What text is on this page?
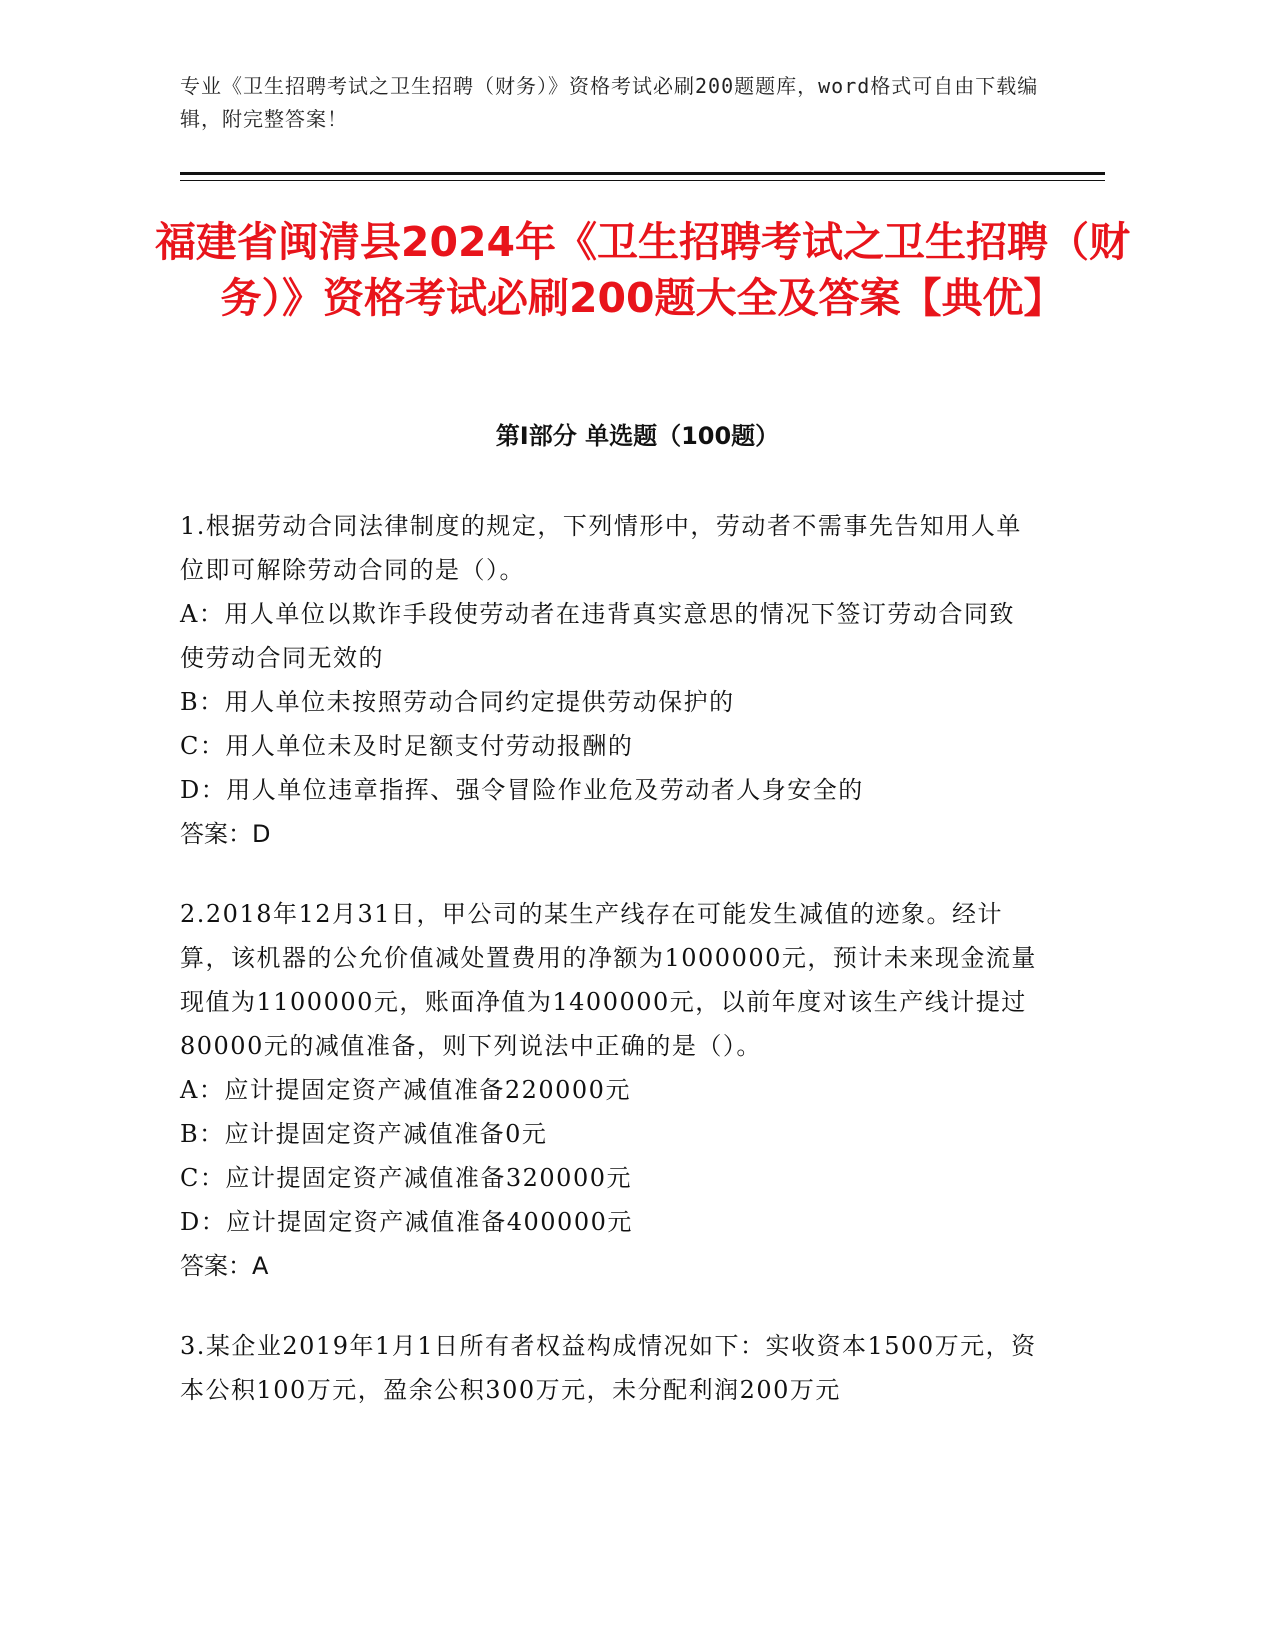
专业《卫生招聘考试之卫生招聘（财务）》资格考试必刷200题题库，word格式可自由下载编辑，附完整答案！
福建省闽清县2024年《卫生招聘考试之卫生招聘（财务）》资格考试必刷200题大全及答案【典优】
第Ⅰ部分 单选题（100题）
1.根据劳动合同法律制度的规定，下列情形中，劳动者不需事先告知用人单位即可解除劳动合同的是（）。
A：用人单位以欺诈手段使劳动者在违背真实意思的情况下签订劳动合同致使劳动合同无效的
B：用人单位未按照劳动合同约定提供劳动保护的
C：用人单位未及时足额支付劳动报酬的
D：用人单位违章指挥、强令冒险作业危及劳动者人身安全的
答案：D
2.2018年12月31日，甲公司的某生产线存在可能发生减值的迹象。经计算，该机器的公允价值减处置费用的净额为1000000元，预计未来现金流量现值为1100000元，账面净值为1400000元，以前年度对该生产线计提过80000元的减值准备，则下列说法中正确的是（）。
A：应计提固定资产减值准备220000元
B：应计提固定资产减值准备0元
C：应计提固定资产减值准备320000元
D：应计提固定资产减值准备400000元
答案：A
3.某企业2019年1月1日所有者权益构成情况如下：实收资本1500万元，资本公积100万元，盈余公积300万元，未分配利润200万元
